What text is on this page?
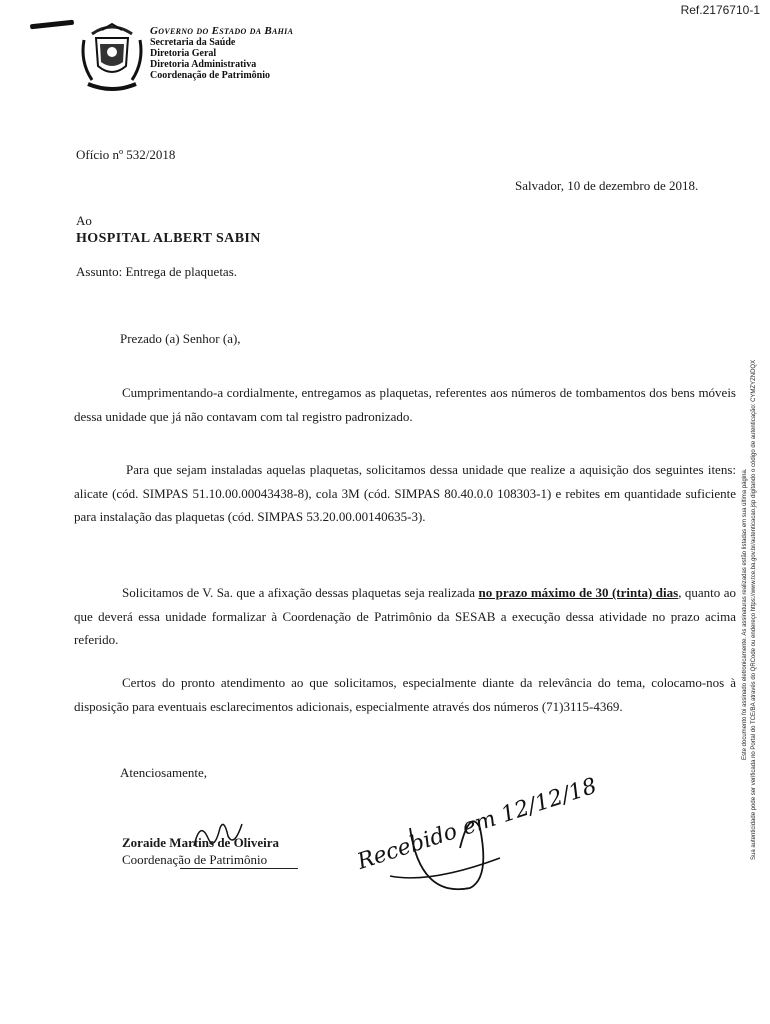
Ref.2176710-1
Governo do Estado da Bahia
Secretaria da Saúde
Diretoria Geral
Diretoria Administrativa
Coordenação de Patrimônio
Ofício nº 532/2018
Salvador, 10 de dezembro de 2018.
Ao
HOSPITAL ALBERT SABIN
Assunto: Entrega de plaquetas.
Prezado (a) Senhor (a),
Cumprimentando-a cordialmente, entregamos as plaquetas, referentes aos números de tombamentos dos bens móveis dessa unidade que já não contavam com tal registro padronizado.
Para que sejam instaladas aquelas plaquetas, solicitamos dessa unidade que realize a aquisição dos seguintes itens: alicate (cód. SIMPAS 51.10.00.00043438-8), cola 3M (cód. SIMPAS 80.40.0.0 108303-1) e rebites em quantidade suficiente para instalação das plaquetas (cód. SIMPAS 53.20.00.00140635-3).
Solicitamos de V. Sa. que a afixação dessas plaquetas seja realizada no prazo máximo de 30 (trinta) dias, quanto ao que deverá essa unidade formalizar à Coordenação de Patrimônio da SESAB a execução dessa atividade no prazo acima referido.
Certos do pronto atendimento ao que solicitamos, especialmente diante da relevância do tema, colocamo-nos à disposição para eventuais esclarecimentos adicionais, especialmente através dos números (71)3115-4369.
Atenciosamente,
Zoraide Martins de Oliveira
Coordenação de Patrimônio	Recebido em 12/12/18	Sua autenticidade pode ser verificada no Portal do TCE/BA através do QRCode ou endereço https://www.tce.ba.gov.br/autenticacao.jsp digitando o código de autenticação: CYMZYZNDQX
Este documento foi assinado eletronicamente. As assinaturas realizadas estão listadas em sua última página.
